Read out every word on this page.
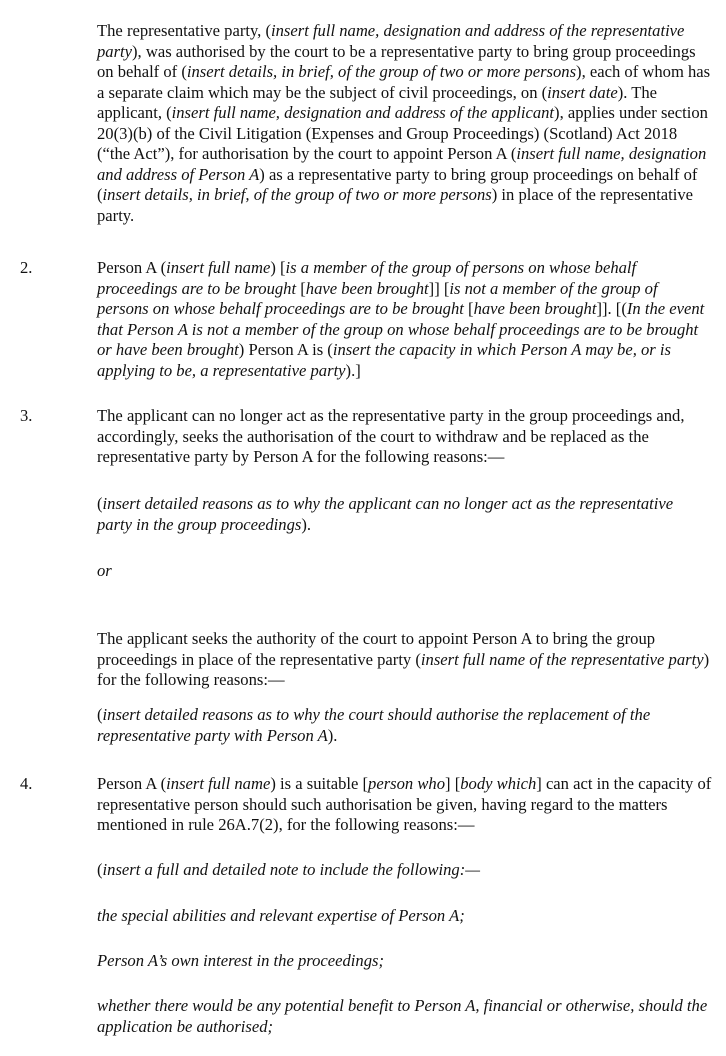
The representative party, (insert full name, designation and address of the representative party), was authorised by the court to be a representative party to bring group proceedings on behalf of (insert details, in brief, of the group of two or more persons), each of whom has a separate claim which may be the subject of civil proceedings, on (insert date). The applicant, (insert full name, designation and address of the applicant), applies under section 20(3)(b) of the Civil Litigation (Expenses and Group Proceedings) (Scotland) Act 2018 (“the Act”), for authorisation by the court to appoint Person A (insert full name, designation and address of Person A) as a representative party to bring group proceedings on behalf of (insert details, in brief, of the group of two or more persons) in place of the representative party.

2.	Person A (insert full name) [is a member of the group of persons on whose behalf proceedings are to be brought [have been brought]] [is not a member of the group of persons on whose behalf proceedings are to be brought [have been brought]]. [(In the event that Person A is not a member of the group on whose behalf proceedings are to be brought or have been brought) Person A is (insert the capacity in which Person A may be, or is applying to be, a representative party).]

3.	The applicant can no longer act as the representative party in the group proceedings and, accordingly, seeks the authorisation of the court to withdraw and be replaced as the representative party by Person A for the following reasons:—

(insert detailed reasons as to why the applicant can no longer act as the representative party in the group proceedings).

or

The applicant seeks the authority of the court to appoint Person A to bring the group proceedings in place of the representative party (insert full name of the representative party) for the following reasons:—

(insert detailed reasons as to why the court should authorise the replacement of the representative party with Person A).

4.	Person A (insert full name) is a suitable [person who] [body which] can act in the capacity of representative person should such authorisation be given, having regard to the matters mentioned in rule 26A.7(2), for the following reasons:—

(insert a full and detailed note to include the following:—

the special abilities and relevant expertise of Person A;

Person A’s own interest in the proceedings;

whether there would be any potential benefit to Person A, financial or otherwise, should the application be authorised;
